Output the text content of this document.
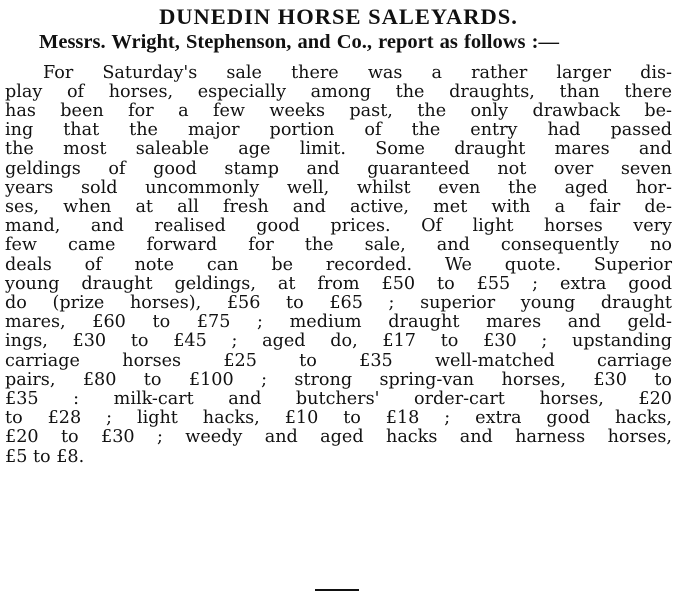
DUNEDIN HORSE SALEYARDS.

Messrs. Wright, Stephenson, and Co., report as follows :—

For Saturday's sale there was a rather larger dis-
play of horses, especially among the draughts, than there
has been for a few weeks past, the only drawback be-
ing that the major portion of the entry had passed
the most saleable age limit. Some draught mares and
geldings of good stamp and guaranteed not over seven
years sold uncommonly well, whilst even the aged hor-
ses, when at all fresh and active, met with a fair de-
mand, and realised good prices. Of light horses very
few came forward for the sale, and consequently no
deals of note can be recorded. We quote. Superior
young draught geldings, at from £50 to £55 ; extra good
do (prize horses), £56 to £65 ; superior young draught
mares, £60 to £75 ; medium draught mares and geld-
ings, £30 to £45 ; aged do, £17 to £30 ; upstanding
carriage horses £25 to £35 well-matched carriage
pairs, £80 to £100 ; strong spring-van horses, £30 to
£35 : milk-cart and butchers' order-cart horses, £20
to £28 ; light hacks, £10 to £18 ; extra good hacks,
£20 to £30 ; weedy and aged hacks and harness horses,
£5 to £8.
